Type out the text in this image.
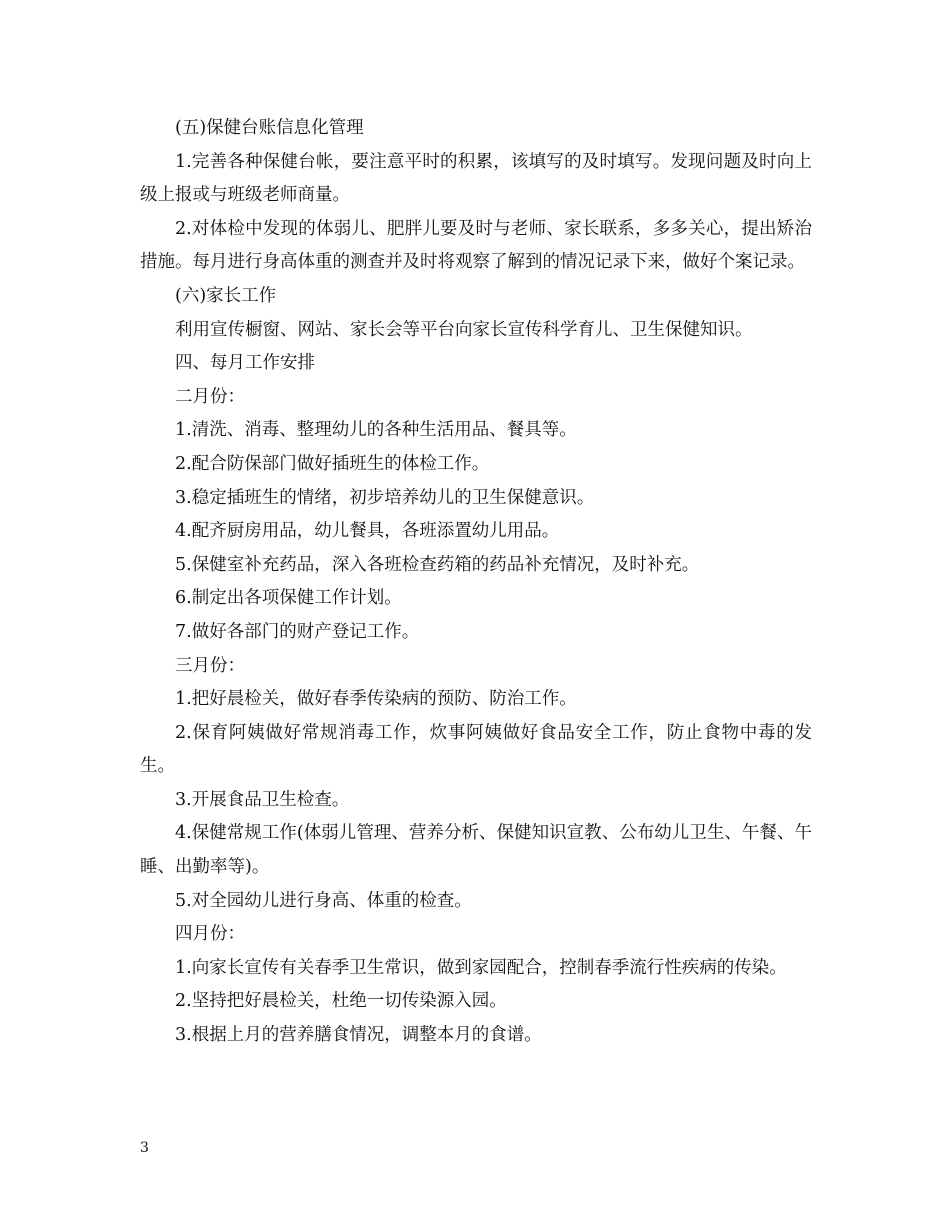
(五)保健台账信息化管理

1.完善各种保健台帐，要注意平时的积累，该填写的及时填写。发现问题及时向上级上报或与班级老师商量。

2.对体检中发现的体弱儿、肥胖儿要及时与老师、家长联系，多多关心，提出矫治措施。每月进行身高体重的测查并及时将观察了解到的情况记录下来，做好个案记录。

(六)家长工作

利用宣传橱窗、网站、家长会等平台向家长宣传科学育儿、卫生保健知识。

四、每月工作安排

二月份：

1.清洗、消毒、整理幼儿的各种生活用品、餐具等。

2.配合防保部门做好插班生的体检工作。

3.稳定插班生的情绪，初步培养幼儿的卫生保健意识。

4.配齐厨房用品，幼儿餐具，各班添置幼儿用品。

5.保健室补充药品，深入各班检查药箱的药品补充情况，及时补充。

6.制定出各项保健工作计划。

7.做好各部门的财产登记工作。

三月份：

1.把好晨检关，做好春季传染病的预防、防治工作。

2.保育阿姨做好常规消毒工作，炊事阿姨做好食品安全工作，防止食物中毒的发生。

3.开展食品卫生检查。

4.保健常规工作(体弱儿管理、营养分析、保健知识宣教、公布幼儿卫生、午餐、午睡、出勤率等)。

5.对全园幼儿进行身高、体重的检查。

四月份：

1.向家长宣传有关春季卫生常识，做到家园配合，控制春季流行性疾病的传染。

2.坚持把好晨检关，杜绝一切传染源入园。

3.根据上月的营养膳食情况，调整本月的食谱。

3
